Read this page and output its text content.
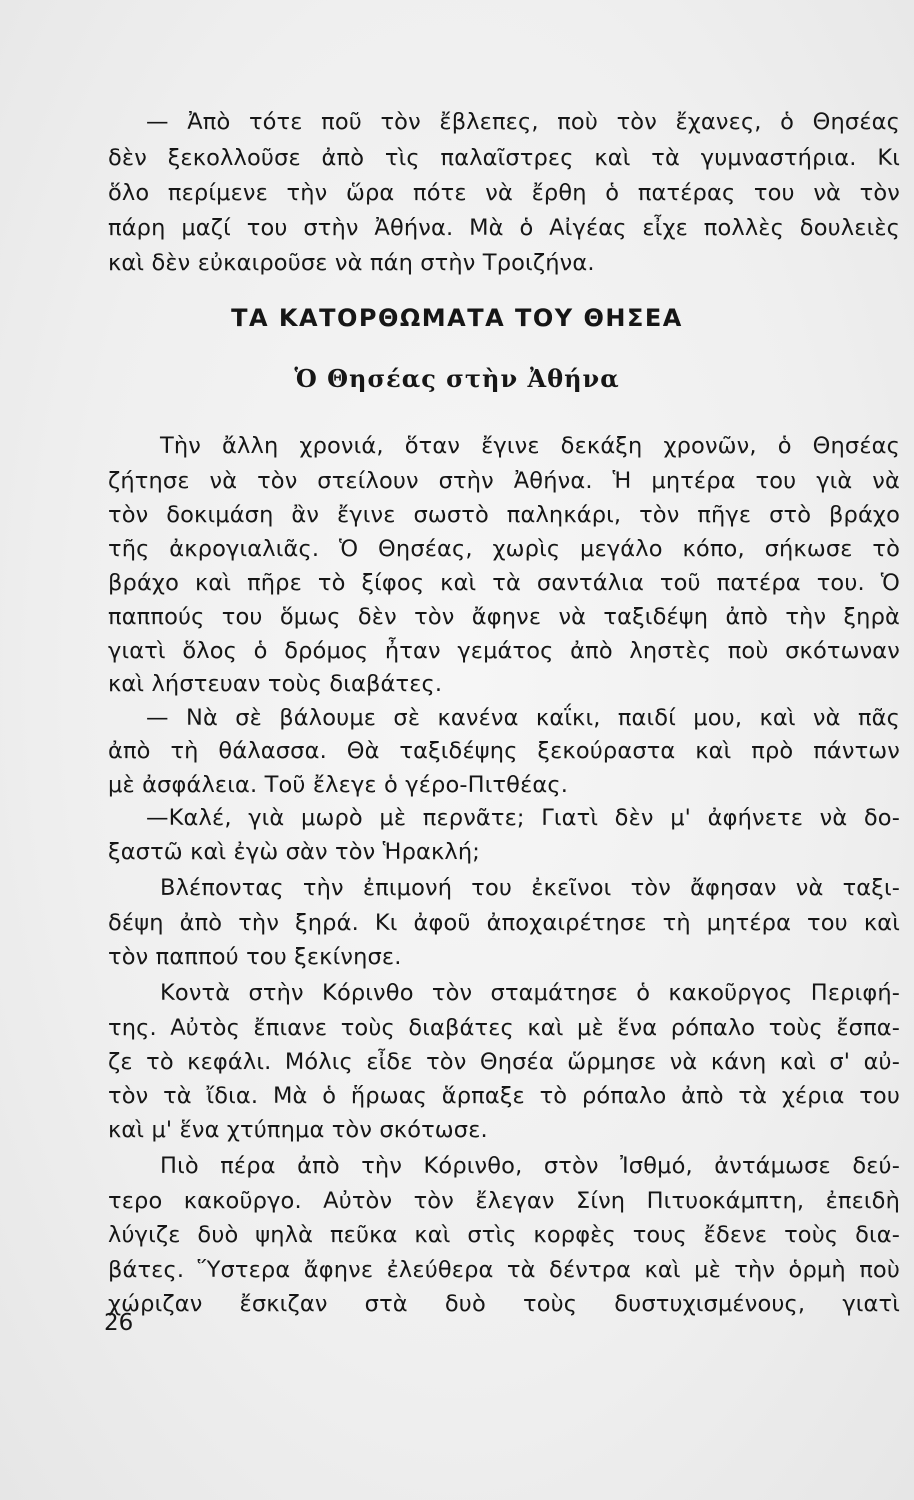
— Ἀπὸ τότε ποῦ τὸν ἔβλεπες, ποὺ τὸν ἔχανες, ὁ Θησέας
δὲν ξεκολλοῦσε ἀπὸ τὶς παλαῖστρες καὶ τὰ γυμναστήρια. Κι
ὅλο περίμενε τὴν ὥρα πότε νὰ ἔρθη ὁ πατέρας του νὰ τὸν
πάρη μαζί του στὴν Ἀθήνα. Μὰ ὁ Αἰγέας εἶχε πολλὲς δουλειὲς
καὶ δὲν εὐκαιροῦσε νὰ πάη στὴν Τροιζήνα.
ΤΑ ΚΑΤΟΡΘΩΜΑΤΑ ΤΟΥ ΘΗΣΕΑ
Ὁ Θησέας στὴν Ἀθήνα
Τὴν ἄλλη χρονιά, ὅταν ἔγινε δεκάξη χρονῶν, ὁ Θησέας
ζήτησε νὰ τὸν στείλουν στὴν Ἀθήνα. Ἡ μητέρα του γιὰ νὰ
τὸν δοκιμάση ἂν ἔγινε σωστὸ παληκάρι, τὸν πῆγε στὸ βράχο
τῆς ἀκρογιαλιᾶς. Ὁ Θησέας, χωρὶς μεγάλο κόπο, σήκωσε τὸ
βράχο καὶ πῆρε τὸ ξίφος καὶ τὰ σαντάλια τοῦ πατέρα του. Ὁ
παππούς του ὅμως δὲν τὸν ἄφηνε νὰ ταξιδέψη ἀπὸ τὴν ξηρὰ
γιατὶ ὅλος ὁ δρόμος ἦταν γεμάτος ἀπὸ ληστὲς ποὺ σκότωναν
καὶ λήστευαν τοὺς διαβάτες.
— Νὰ σὲ βάλουμε σὲ κανένα καΐκι, παιδί μου, καὶ νὰ πᾶς
ἀπὸ τὴ θάλασσα. Θὰ ταξιδέψης ξεκούραστα καὶ πρὸ πάντων
μὲ ἀσφάλεια. Τοῦ ἔλεγε ὁ γέρο-Πιτθέας.
—Καλέ, γιὰ μωρὸ μὲ περνᾶτε; Γιατὶ δὲν μ' ἀφήνετε νὰ δο-
ξαστῶ καὶ ἐγὼ σὰν τὸν Ἡρακλή;
Βλέποντας τὴν ἐπιμονή του ἐκεῖνοι τὸν ἄφησαν νὰ ταξι-
δέψη ἀπὸ τὴν ξηρά. Κι ἀφοῦ ἀποχαιρέτησε τὴ μητέρα του καὶ
τὸν παππού του ξεκίνησε.
Κοντὰ στὴν Κόρινθο τὸν σταμάτησε ὁ κακοῦργος Περιφή-
της. Αὐτὸς ἔπιανε τοὺς διαβάτες καὶ μὲ ἕνα ρόπαλο τοὺς ἔσπα-
ζε τὸ κεφάλι. Μόλις εἶδε τὸν Θησέα ὥρμησε νὰ κάνη καὶ σ' αὐ-
τὸν τὰ ἴδια. Μὰ ὁ ἥρωας ἅρπαξε τὸ ρόπαλο ἀπὸ τὰ χέρια του
καὶ μ' ἕνα χτύπημα τὸν σκότωσε.
Πιὸ πέρα ἀπὸ τὴν Κόρινθο, στὸν Ἰσθμό, ἀντάμωσε δεύ-
τερο κακοῦργο. Αὐτὸν τὸν ἔλεγαν Σίνη Πιτυοκάμπτη, ἐπειδὴ
λύγιζε δυὸ ψηλὰ πεῦκα καὶ στὶς κορφὲς τους ἔδενε τοὺς δια-
βάτες. Ὕστερα ἄφηνε ἐλεύθερα τὰ δέντρα καὶ μὲ τὴν ὁρμὴ ποὺ
χώριζαν ἔσκιζαν στὰ δυὸ τοὺς δυστυχισμένους, γιατὶ
26
